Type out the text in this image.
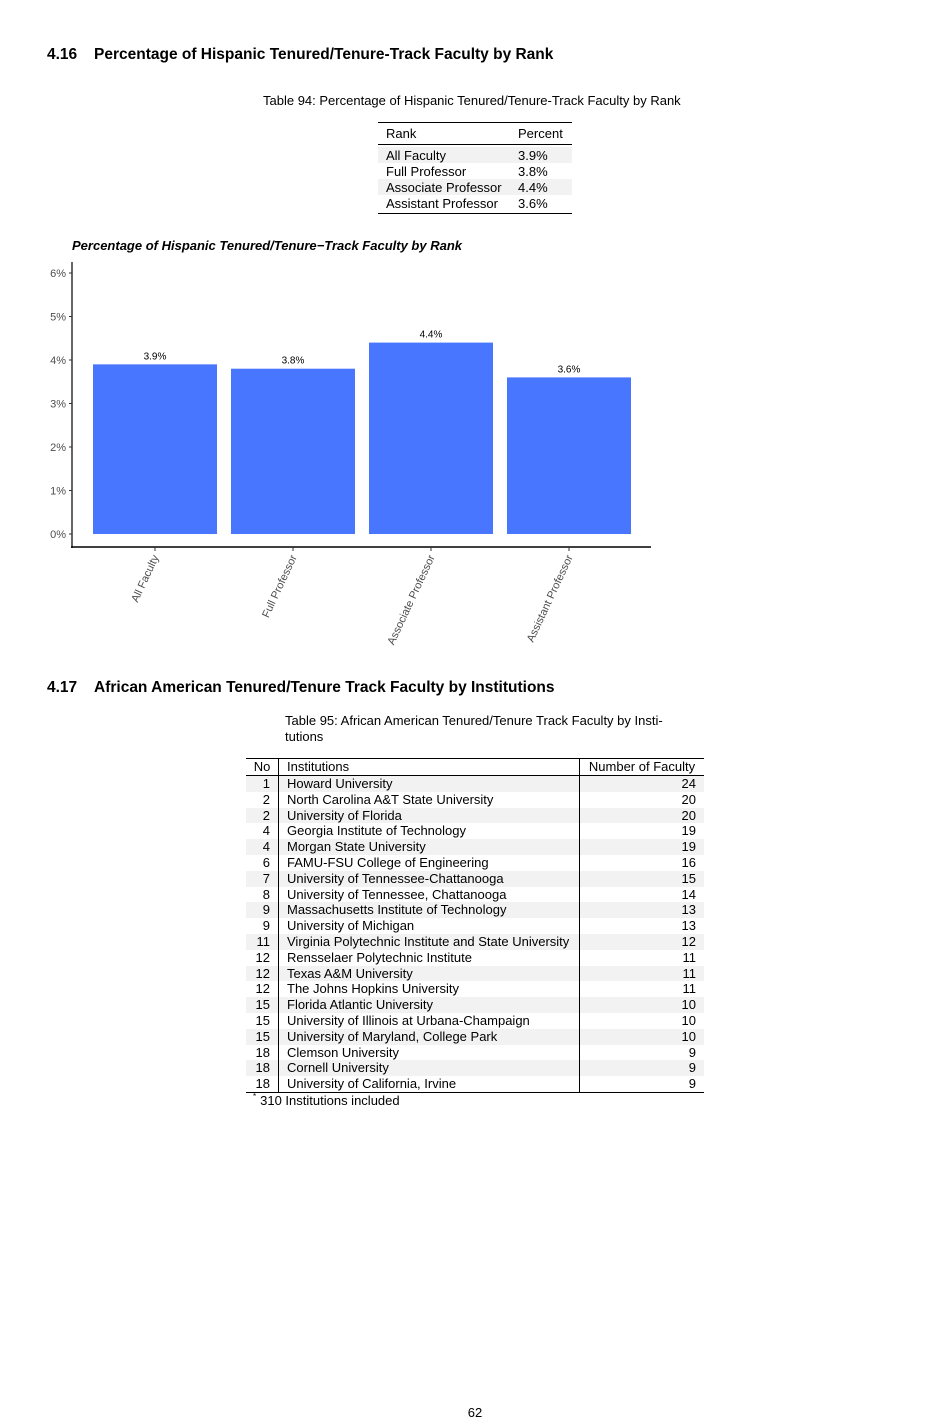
4.16 Percentage of Hispanic Tenured/Tenure-Track Faculty by Rank
Table 94: Percentage of Hispanic Tenured/Tenure-Track Faculty by Rank
Rank	Percent
All Faculty	3.9%
Full Professor	3.8%
Associate Professor	4.4%
Assistant Professor	3.6%
0%
1%
2%
3%
4%
5%
6%
3.9%
All Faculty
3.8%
Full Professor
4.4%
Associate Professor
3.6%
Assistant Professor
Percentage of Hispanic Tenured/Tenure−Track Faculty by Rank
4.17 African American Tenured/Tenure Track Faculty by Institutions
Table 95: African American Tenured/Tenure Track Faculty by Insti-
tutions
No	Institutions	Number of Faculty
1	Howard University	24
2	North Carolina A&T State University	20
2	University of Florida	20
4	Georgia Institute of Technology	19
4	Morgan State University	19
6	FAMU-FSU College of Engineering	16
7	University of Tennessee-Chattanooga	15
8	University of Tennessee, Chattanooga	14
9	Massachusetts Institute of Technology	13
9	University of Michigan	13
11	Virginia Polytechnic Institute and State University	12
12	Rensselaer Polytechnic Institute	11
12	Texas A&M University	11
12	The Johns Hopkins University	11
15	Florida Atlantic University	10
15	University of Illinois at Urbana-Champaign	10
15	University of Maryland, College Park	10
18	Clemson University	9
18	Cornell University	9
18	University of California, Irvine	9
* 310 Institutions included
62
